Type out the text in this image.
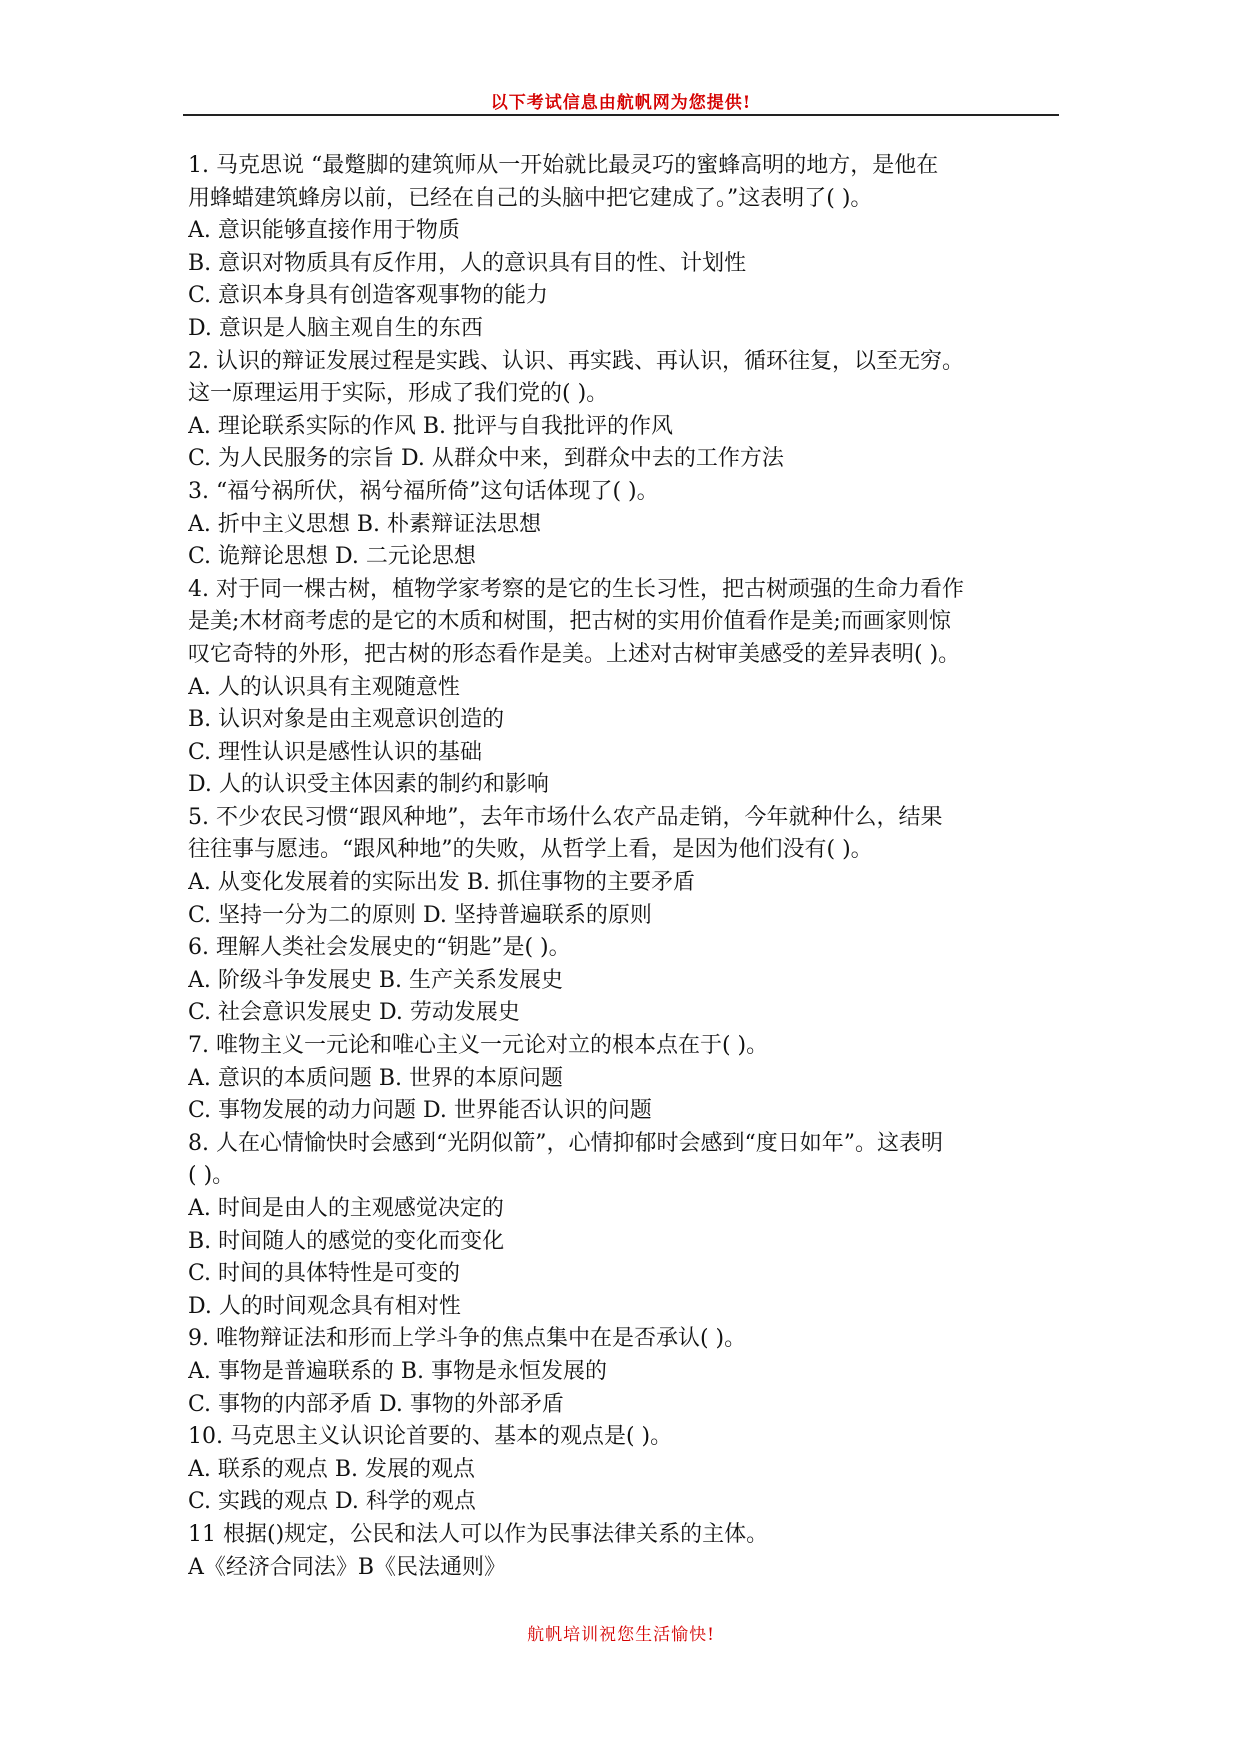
以下考试信息由航帆网为您提供!
1. 马克思说 “最蹩脚的建筑师从一开始就比最灵巧的蜜蜂高明的地方，是他在
用蜂蜡建筑蜂房以前，已经在自己的头脑中把它建成了。”这表明了( )。
A. 意识能够直接作用于物质
B. 意识对物质具有反作用，人的意识具有目的性、计划性
C. 意识本身具有创造客观事物的能力
D. 意识是人脑主观自生的东西
2. 认识的辩证发展过程是实践、认识、再实践、再认识，循环往复，以至无穷。
这一原理运用于实际，形成了我们党的( )。
A. 理论联系实际的作风 B. 批评与自我批评的作风
C. 为人民服务的宗旨 D. 从群众中来，到群众中去的工作方法
3. “福兮祸所伏，祸兮福所倚”这句话体现了( )。
A. 折中主义思想 B. 朴素辩证法思想
C. 诡辩论思想 D. 二元论思想
4. 对于同一棵古树，植物学家考察的是它的生长习性，把古树顽强的生命力看作
是美;木材商考虑的是它的木质和树围，把古树的实用价值看作是美;而画家则惊
叹它奇特的外形，把古树的形态看作是美。上述对古树审美感受的差异表明( )。
A. 人的认识具有主观随意性
B. 认识对象是由主观意识创造的
C. 理性认识是感性认识的基础
D. 人的认识受主体因素的制约和影响
5. 不少农民习惯“跟风种地”，去年市场什么农产品走销，今年就种什么，结果
往往事与愿违。“跟风种地”的失败，从哲学上看，是因为他们没有( )。
A. 从变化发展着的实际出发 B. 抓住事物的主要矛盾
C. 坚持一分为二的原则 D. 坚持普遍联系的原则
6. 理解人类社会发展史的“钥匙”是( )。
A. 阶级斗争发展史 B. 生产关系发展史
C. 社会意识发展史 D. 劳动发展史
7. 唯物主义一元论和唯心主义一元论对立的根本点在于( )。
A. 意识的本质问题 B. 世界的本原问题
C. 事物发展的动力问题 D. 世界能否认识的问题
8. 人在心情愉快时会感到“光阴似箭”，心情抑郁时会感到“度日如年”。这表明
( )。
A. 时间是由人的主观感觉决定的
B. 时间随人的感觉的变化而变化
C. 时间的具体特性是可变的
D. 人的时间观念具有相对性
9. 唯物辩证法和形而上学斗争的焦点集中在是否承认( )。
A. 事物是普遍联系的 B. 事物是永恒发展的
C. 事物的内部矛盾 D. 事物的外部矛盾
10. 马克思主义认识论首要的、基本的观点是( )。
A. 联系的观点 B. 发展的观点
C. 实践的观点 D. 科学的观点
11 根据()规定，公民和法人可以作为民事法律关系的主体。
A《经济合同法》B《民法通则》
航帆培训祝您生活愉快!
